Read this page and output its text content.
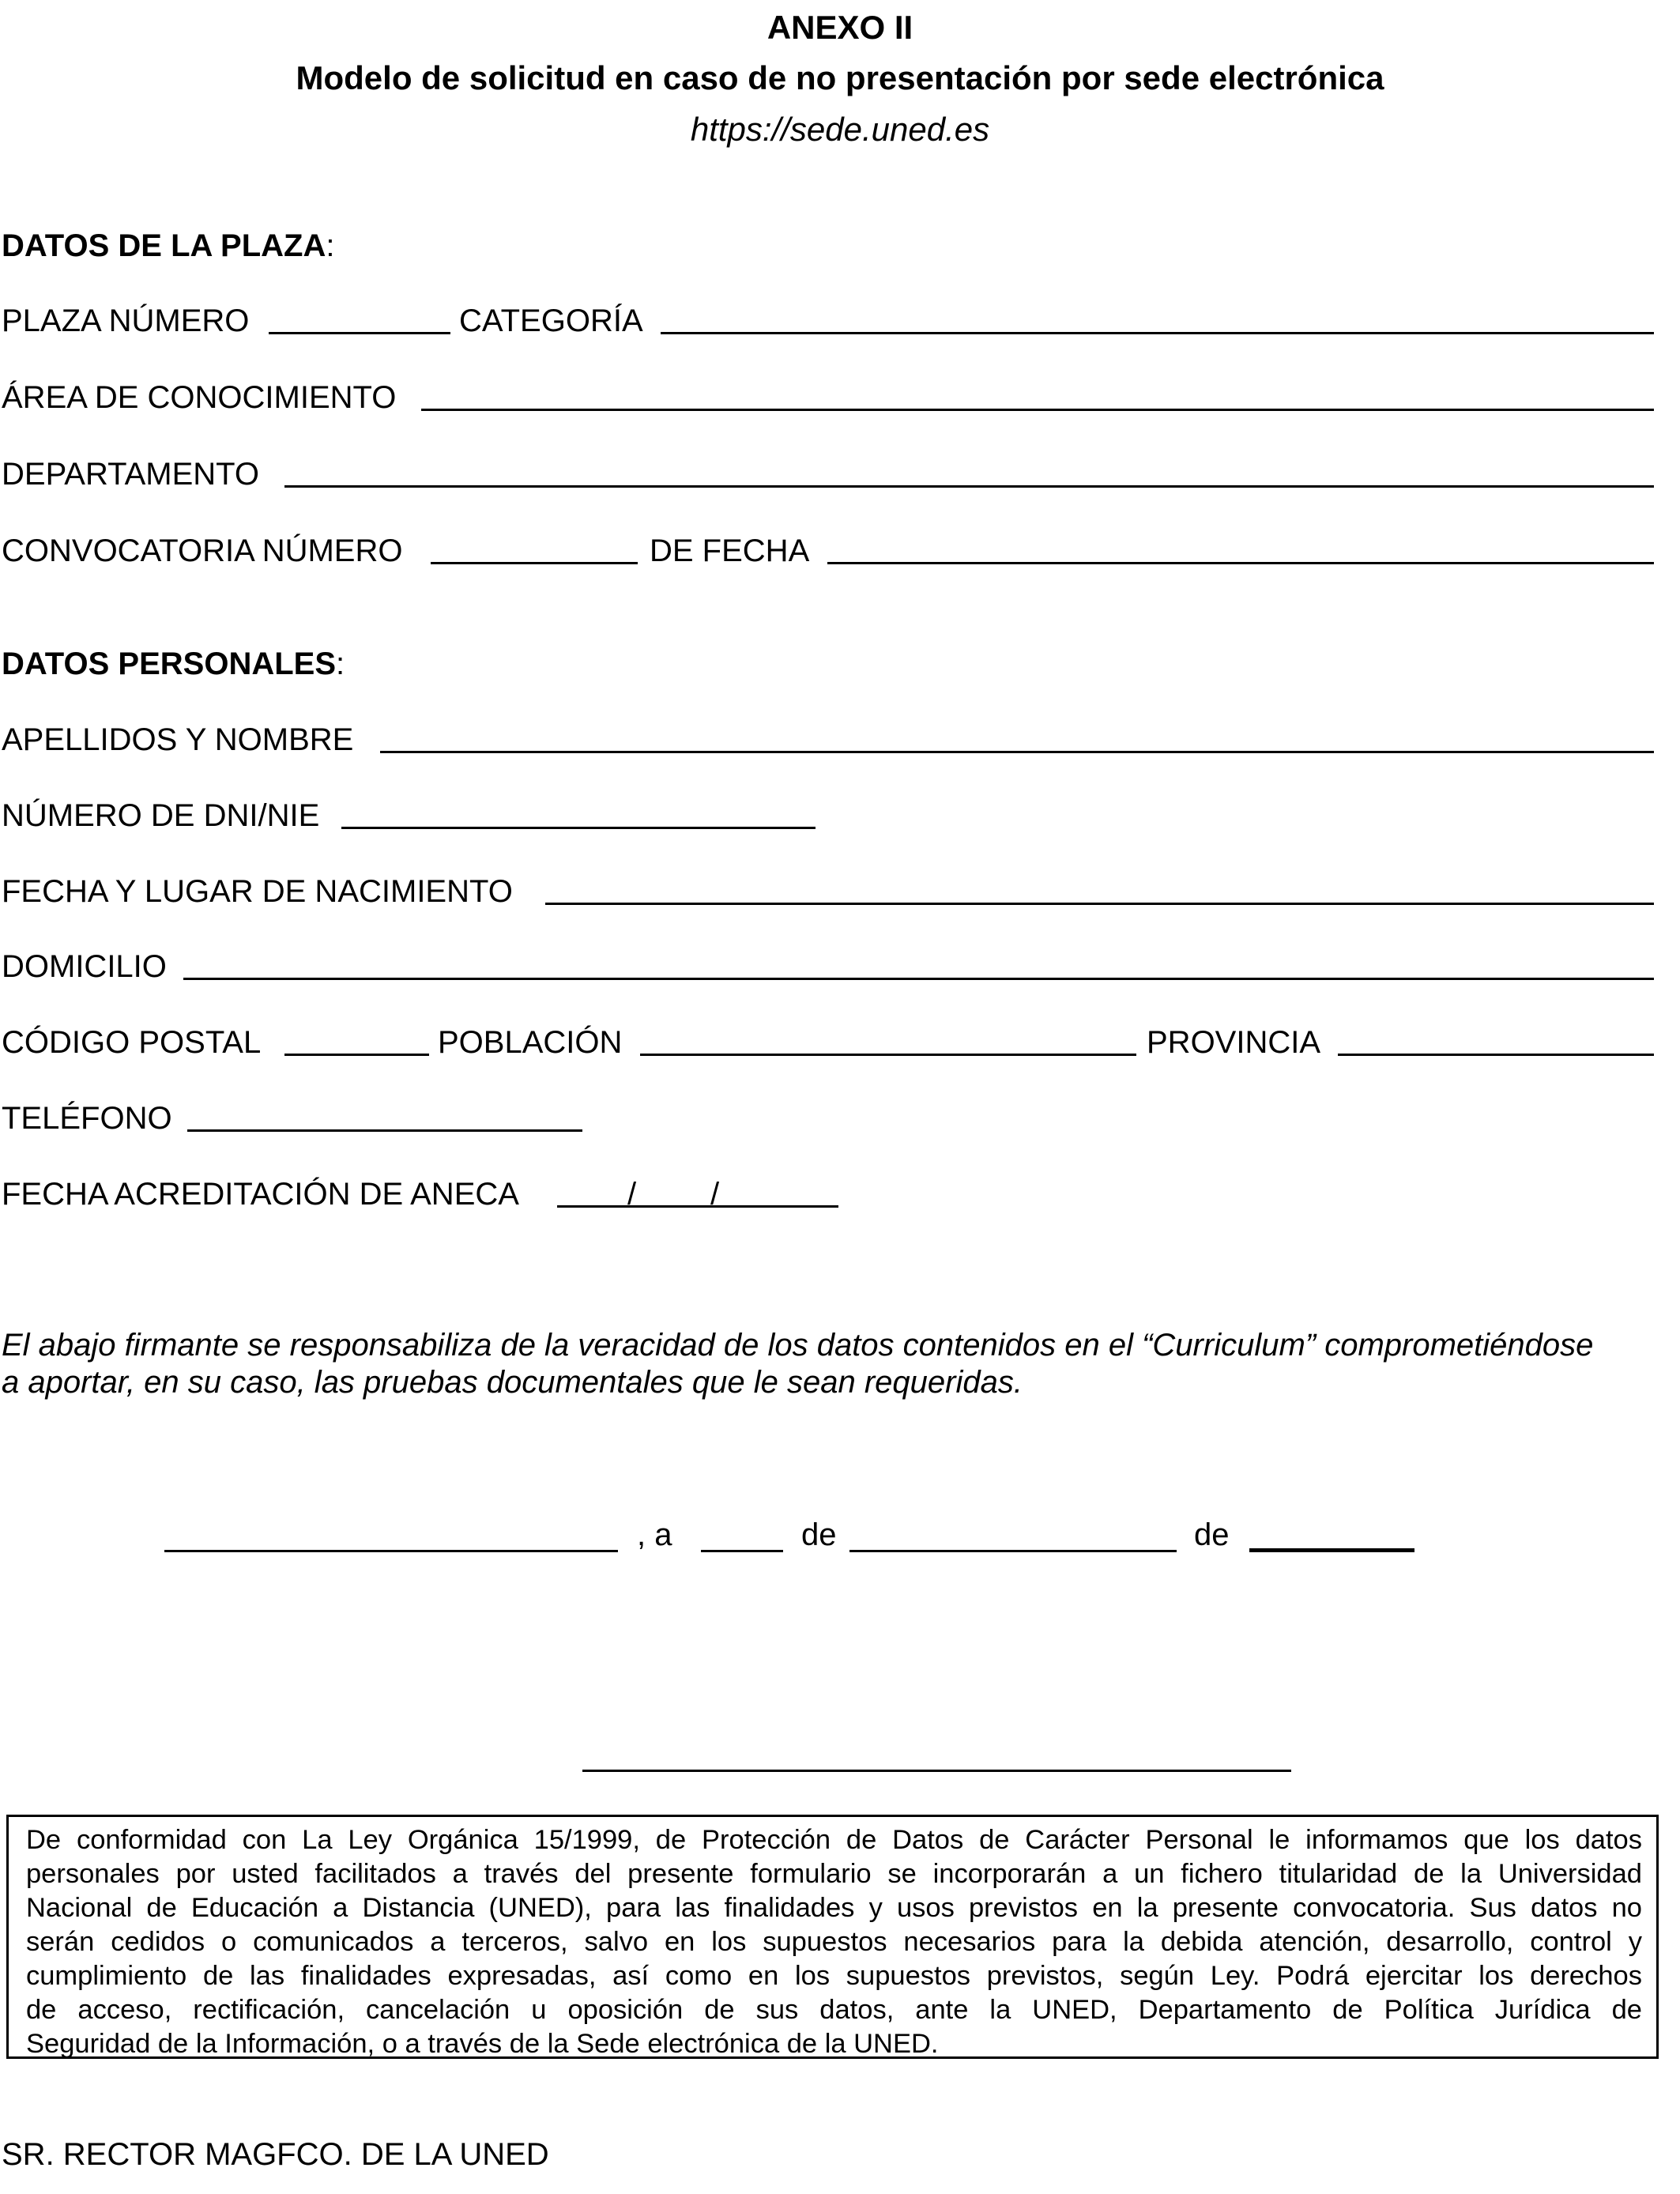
ANEXO II
Modelo de solicitud en caso de no presentación por sede electrónica
https://sede.uned.es
DATOS DE LA PLAZA:
PLAZA NÚMERO	CATEGORÍA
ÁREA DE CONOCIMIENTO
DEPARTAMENTO
CONVOCATORIA NÚMERO	DE FECHA
DATOS PERSONALES:
APELLIDOS Y NOMBRE
NÚMERO DE DNI/NIE
FECHA Y LUGAR DE NACIMIENTO
DOMICILIO
CÓDIGO POSTAL	POBLACIÓN	PROVINCIA
TELÉFONO
FECHA ACREDITACIÓN DE ANECA	/ /
El abajo firmante se responsabiliza de la veracidad de los datos contenidos en el “Curriculum” comprometiéndose
a aportar, en su caso, las pruebas documentales que le sean requeridas.
, a	de	de
De conformidad con La Ley Orgánica 15/1999, de Protección de Datos de Carácter Personal le informamos que los datos
personales por usted facilitados a través del presente formulario se incorporarán a un fichero titularidad de la Universidad
Nacional de Educación a Distancia (UNED), para las finalidades y usos previstos en la presente convocatoria. Sus datos no
serán cedidos o comunicados a terceros, salvo en los supuestos necesarios para la debida atención, desarrollo, control y
cumplimiento de las finalidades expresadas, así como en los supuestos previstos, según Ley. Podrá ejercitar los derechos
de acceso, rectificación, cancelación u oposición de sus datos, ante la UNED, Departamento de Política Jurídica de
Seguridad de la Información, o a través de la Sede electrónica de la UNED.
SR. RECTOR MAGFCO. DE LA UNED
